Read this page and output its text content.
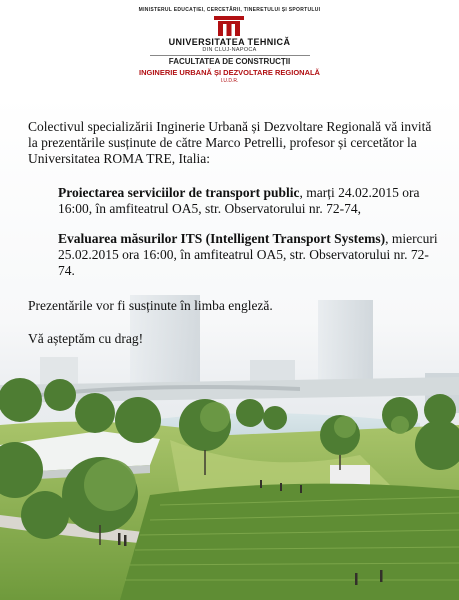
MINISTERUL EDUCAȚIEI, CERCETĂRII, TINERETULUI ȘI SPORTULUI
UNIVERSITATEA TEHNICĂ
DIN CLUJ-NAPOCA
FACULTATEA DE CONSTRUCȚII
INGINERIE URBANĂ ȘI DEZVOLTARE REGIONALĂ
I.U.D.R.

Colectivul specializării Inginerie Urbană și Dezvoltare Regională vă invită la prezentările susținute de către Marco Petrelli, profesor și cercetător la Universitatea ROMA TRE, Italia:

Proiectarea serviciilor de transport public, marți 24.02.2015 ora 16:00, în amfiteatrul OA5, str. Observatorului nr. 72-74,

Evaluarea măsurilor ITS (Intelligent Transport Systems), miercuri 25.02.2015 ora 16:00, în amfiteatrul OA5, str. Observatorului nr. 72-74.

Prezentările vor fi susținute în limba engleză.

Vă așteptăm cu drag!
